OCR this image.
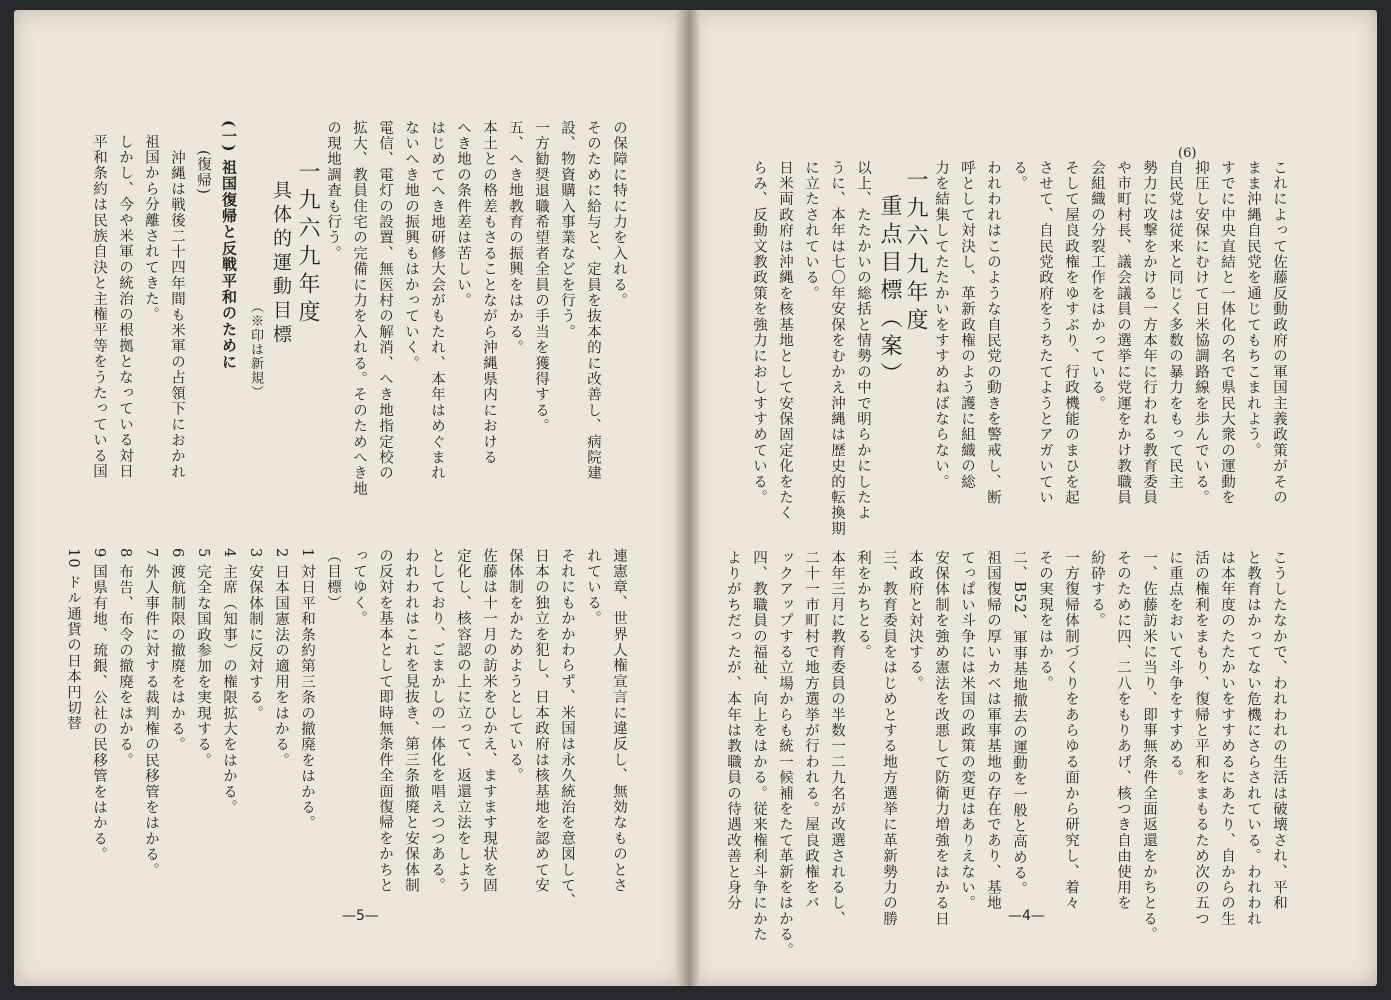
これによって佐藤反動政府の軍国主義政策がその
まま沖縄自民党を通じてもちこまれよう。
すでに中央直結と一体化の名で県民大衆の運動を
抑圧し安保にむけて日米協調路線を歩んでいる。
自民党は従来と同じく多数の暴力をもって民主
勢力に攻撃をかける一方本年に行われる教育委員
や市町村長、議会議員の選挙に党運をかけ教職員
会組織の分裂工作をはかっている。
そして屋良政権をゆすぶり、行政機能のまひを起
させて、自民党政府をうちたてようとアガいてい
る。
われわれはこのような自民党の動きを警戒し、断
呼として対決し、革新政権のよう護に組織の総
力を結集してたたかいをすすめねばならない。
一九六九年度
重点目標（案）
以上、たたかいの総括と情勢の中で明らかにしたよ
うに、本年は七〇年安保をむかえ沖縄は歴史的転換期
に立たされている。
日米両政府は沖縄を核基地として安保固定化をたく
らみ、反動文教政策を強力におしすすめている。
(6)
こうしたなかで、われわれの生活は破壊され、平和
と教育はかってない危機にさらされている。われわれ
は本年度のたたかいをすすめるにあたり、自からの生
活の権利をまもり、復帰と平和をまもるため次の五つ
に重点をおいて斗争をすすめる。
一、佐藤訪米に当り、即事無条件全面返還をかちとる。
そのために四、二八をもりあげ、核つき自由使用を
紛砕する。
一方復帰体制づくりをあらゆる面から研究し、着々
その実現をはかる。
二、B52、軍事基地撤去の運動を一般と高める。
祖国復帰の厚いカベは軍事基地の存在であり、基地
てっぱい斗争には米国の政策の変更はありえない。
安保体制を強め憲法を改悪して防衛力増強をはかる日
本政府と対決する。
三、教育委員をはじめとする地方選挙に革新勢力の勝
利をかちとる。
本年三月に教育委員の半数一二九名が改選されるし、
二十一市町村で地方選挙が行われる。屋良政権をバ
ックアップする立場からも統一候補をたて革新をはかる。
四、教職員の福祉、向上をはかる。従来権利斗争にかた
よりがちだったが、本年は教職員の待遇改善と身分
—4—
の保障に特に力を入れる。
そのために給与と、定員を抜本的に改善し、病院建
設、物資購入事業などを行う。
一方勧奨退職希望者全員の手当を獲得する。
五、へき地教育の振興をはかる。
本土との格差もさることながら沖縄県内における
へき地の条件差は苦しい。
はじめてへき地研修大会がもたれ、本年はめぐまれ
ないへき地の振興もはかっていく。
電信、電灯の設置、無医村の解消、へき地指定校の
拡大、教員住宅の完備に力を入れる。そのためへき地
の現地調査も行う。
一九六九年度
具体的運動目標
（※印は新規）
(一) 祖国復帰と反戦平和のために
(復帰)
沖縄は戦後二十四年間も米軍の占領下におかれ
祖国から分離されてきた。
しかし、今や米軍の統治の根拠となっている対日
平和条約は民族自決と主権平等をうたっている国
連憲章、世界人権宣言に違反し、無効なものとさ
れている。
それにもかかわらず、米国は永久統治を意図して、
日本の独立を犯し、日本政府は核基地を認めて安
保体制をかためようとしている。
佐藤は十一月の訪米をひかえ、ますます現状を固
定化し、核容認の上に立って、返還立法をしよう
としており、ごまかしの一体化を唱えつつある。
われわれはこれを見抜き、第三条撤廃と安保体制
の反対を基本として即時無条件全面復帰をかちと
ってゆく。
（目標）
1 対日平和条約第三条の撤廃をはかる。
2 日本国憲法の適用をはかる。
3 安保体制に反対する。
4 主席（知事）の権限拡大をはかる。
5 完全な国政参加を実現する。
6 渡航制限の撤廃をはかる。
7 外人事件に対する裁判権の民移管をはかる。
8 布告、布令の撤廃をはかる。
9 国県有地、琉銀、公社の民移管をはかる。
10 ドル通貨の日本円切替
—5—
